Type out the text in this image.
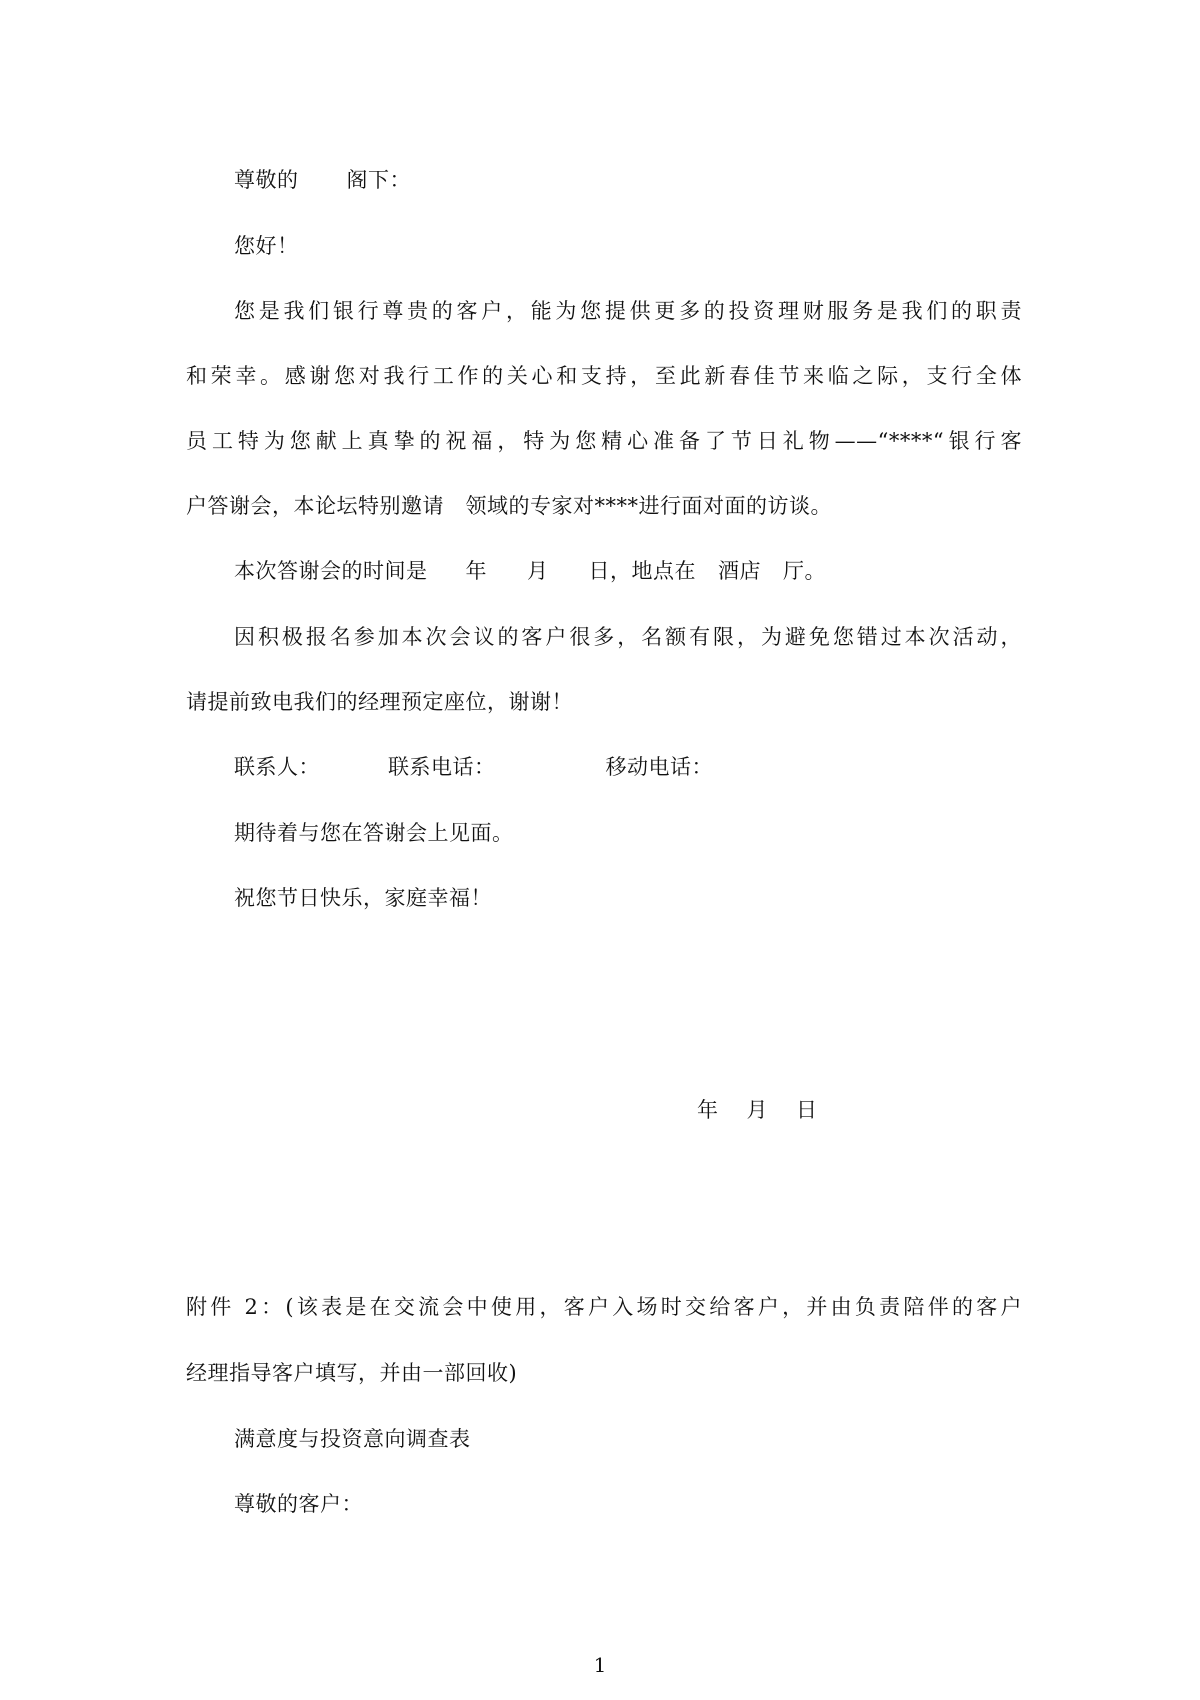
尊敬的 阁下：
您好！
您是我们银行尊贵的客户，能为您提供更多的投资理财服务是我们的职责
和荣幸。感谢您对我行工作的关心和支持，至此新春佳节来临之际，支行全体
员工特为您献上真挚的祝福，特为您精心准备了节日礼物——“****“银行客
户答谢会，本论坛特别邀请　领域的专家对****进行面对面的访谈。
本次答谢会的时间是 年 月 日，地点在 酒店 厅。
因积极报名参加本次会议的客户很多，名额有限，为避免您错过本次活动，
请提前致电我们的经理预定座位，谢谢！
联系人：	联系电话：	移动电话：
期待着与您在答谢会上见面。
祝您节日快乐，家庭幸福！
年 月 日
附件 2：(该表是在交流会中使用，客户入场时交给客户，并由负责陪伴的客户
经理指导客户填写，并由一部回收)
满意度与投资意向调查表
尊敬的客户：
1
